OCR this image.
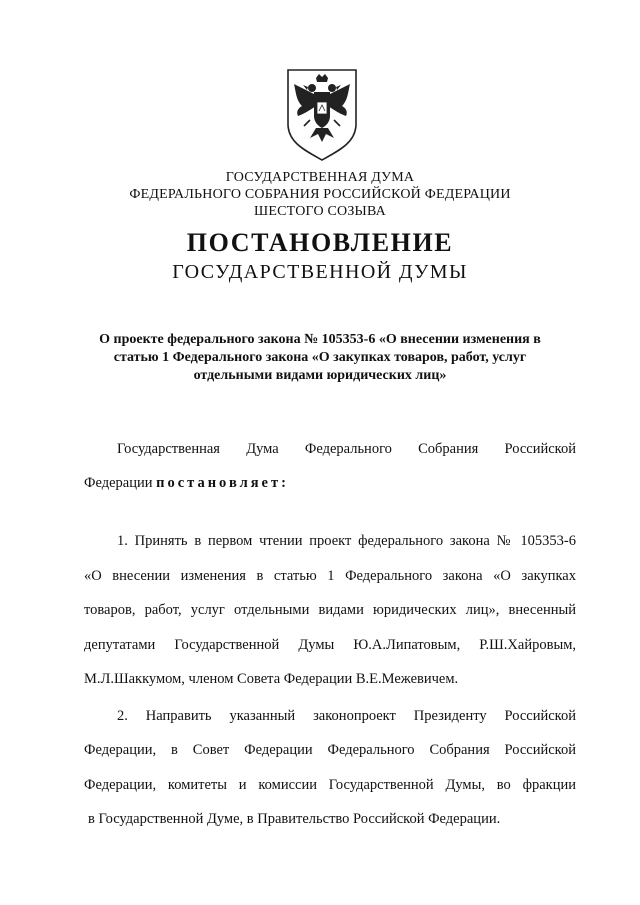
ГОСУДАРСТВЕННАЯ ДУМА
ФЕДЕРАЛЬНОГО СОБРАНИЯ РОССИЙСКОЙ ФЕДЕРАЦИИ
ШЕСТОГО СОЗЫВА
ПОСТАНОВЛЕНИЕ
ГОСУДАРСТВЕННОЙ ДУМЫ
О проекте федерального закона № 105353-6 «О внесении изменения в
статью 1 Федерального закона «О закупках товаров, работ, услуг
отдельными видами юридических лиц»
Государственная Дума Федерального Собрания Российской
Федерации постановляет:
1. Принять в первом чтении проект федерального закона № 105353-6
«О внесении изменения в статью 1 Федерального закона «О закупках
товаров, работ, услуг отдельными видами юридических лиц», внесенный
депутатами Государственной Думы Ю.А.Липатовым, Р.Ш.Хайровым,
М.Л.Шаккумом, членом Совета Федерации В.Е.Межевичем.
2. Направить указанный законопроект Президенту Российской
Федерации, в Совет Федерации Федерального Собрания Российской
Федерации, комитеты и комиссии Государственной Думы, во фракции
в Государственной Думе, в Правительство Российской Федерации.
